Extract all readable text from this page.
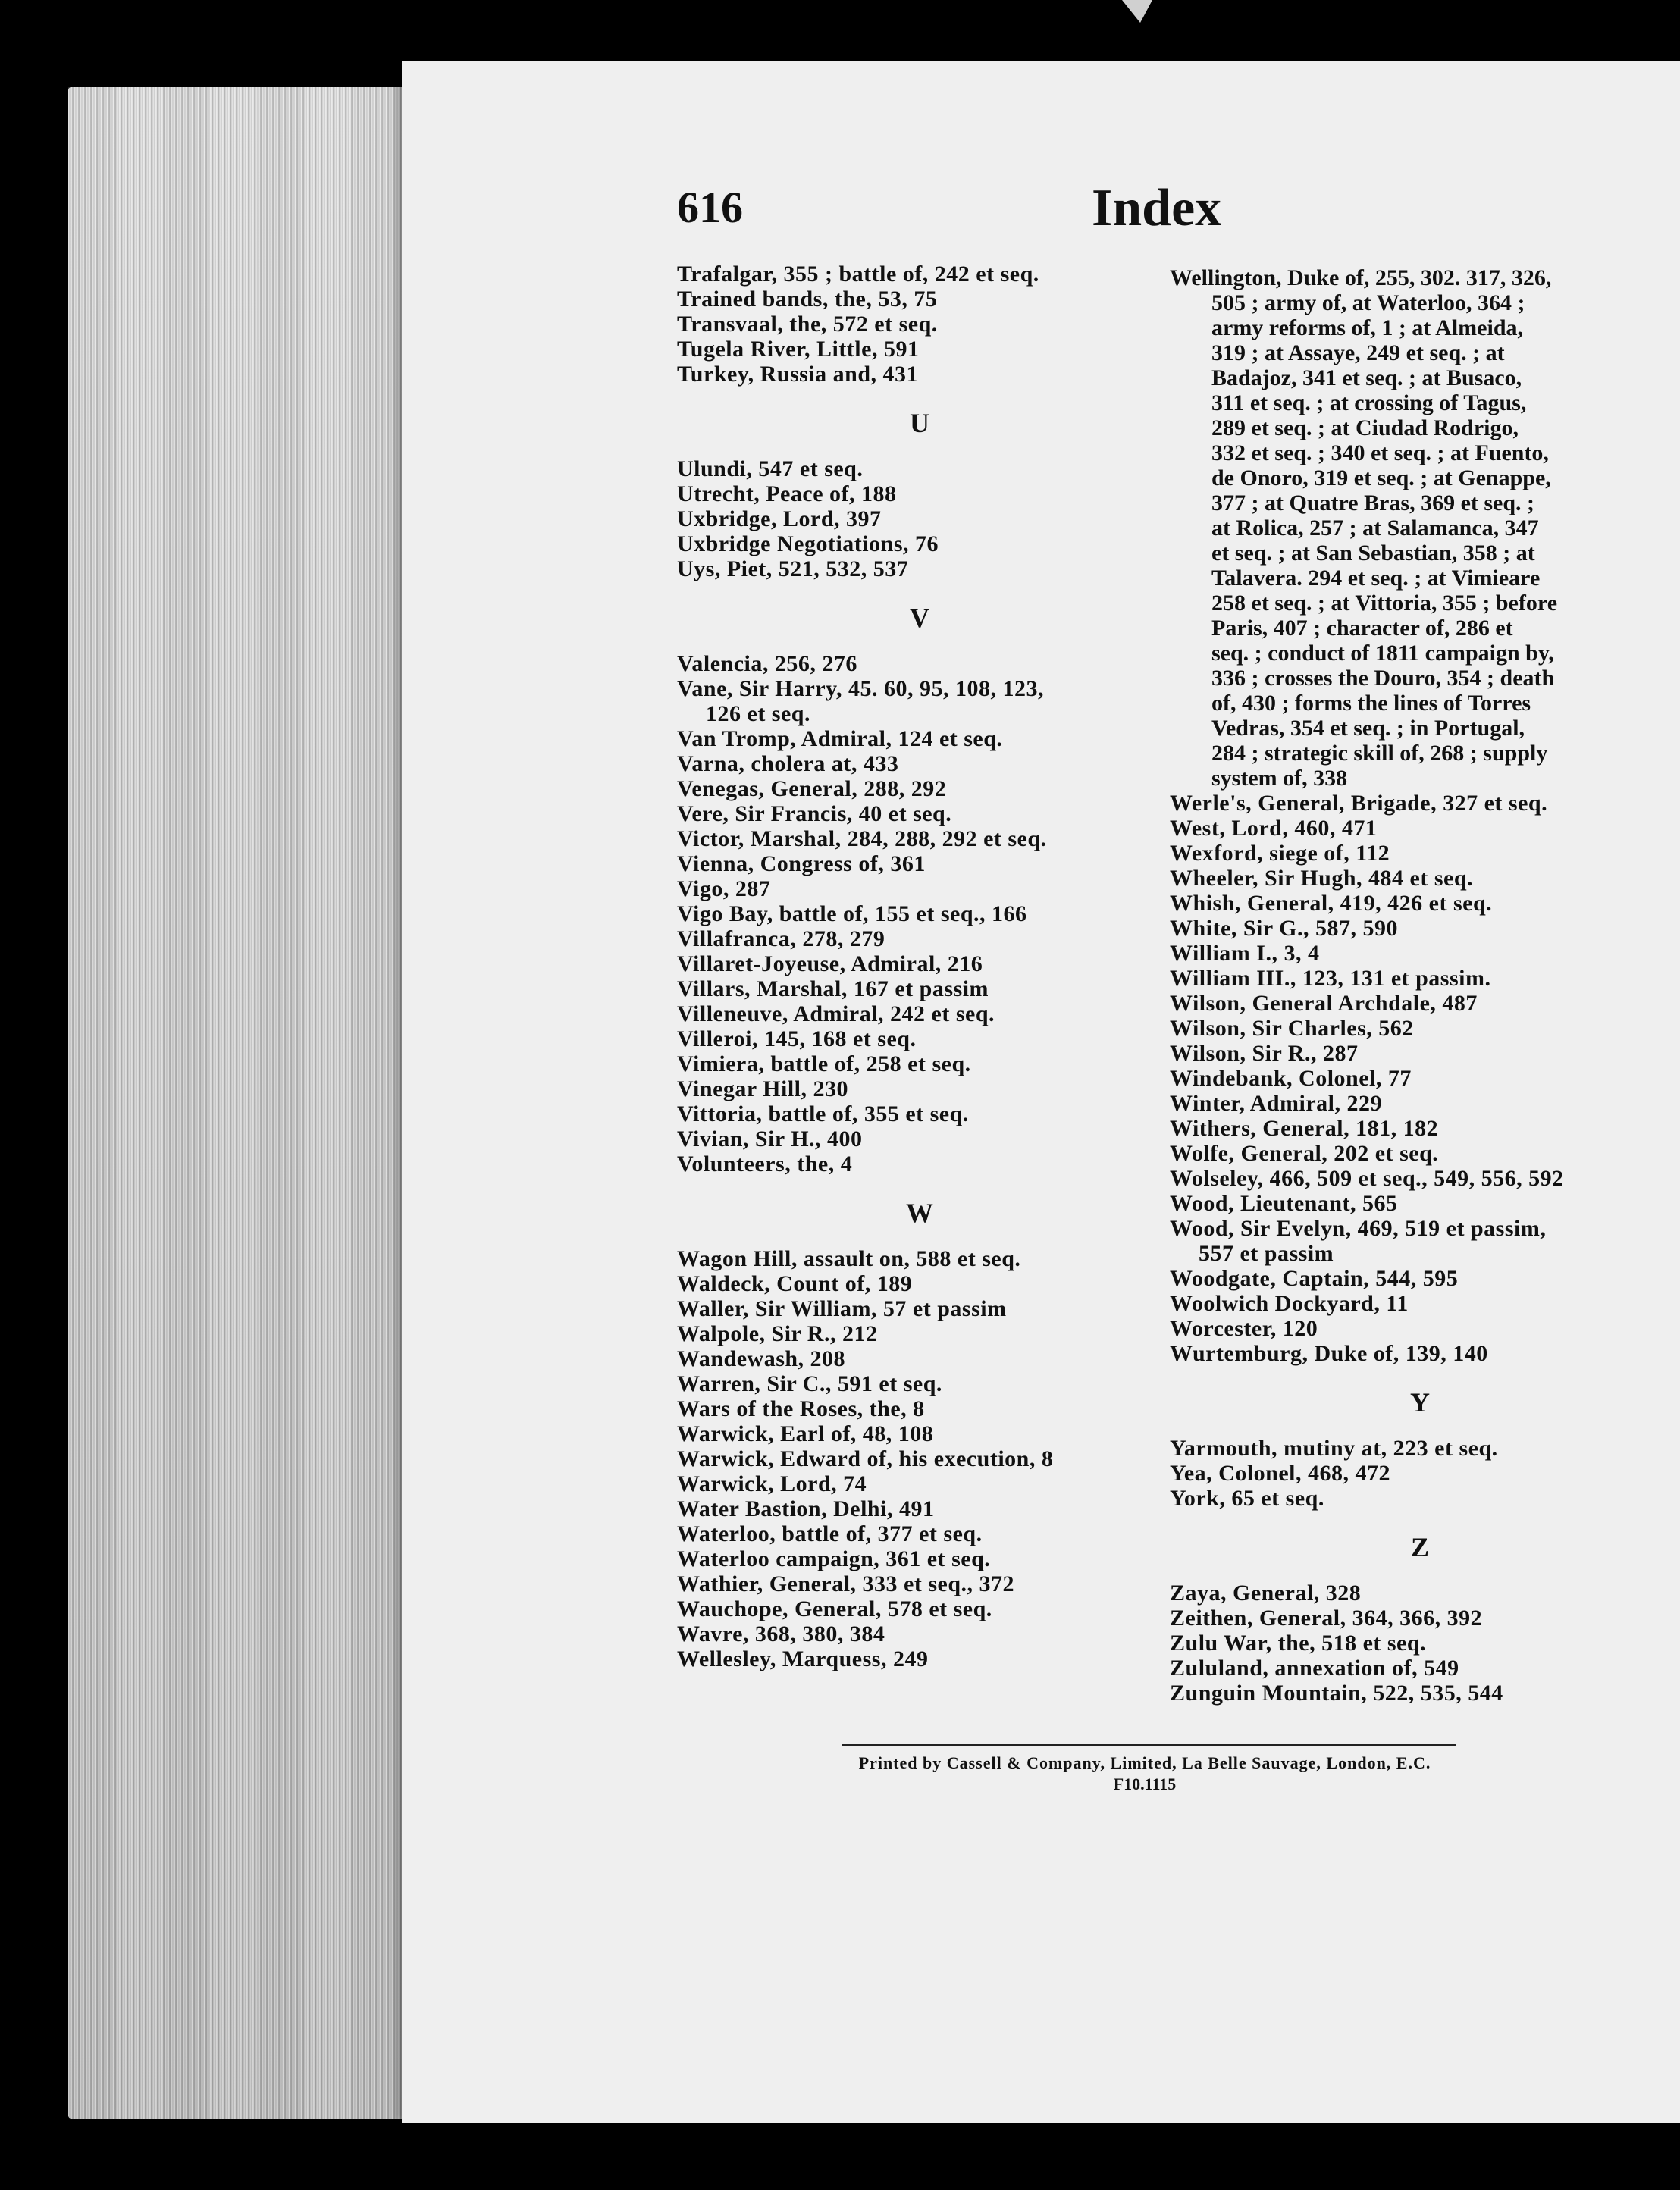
616	Index
Trafalgar, 355 ; battle of, 242 et seq.
Trained bands, the, 53, 75
Transvaal, the, 572 et seq.
Tugela River, Little, 591
Turkey, Russia and, 431
U
Ulundi, 547 et seq.
Utrecht, Peace of, 188
Uxbridge, Lord, 397
Uxbridge Negotiations, 76
Uys, Piet, 521, 532, 537
V
Valencia, 256, 276
Vane, Sir Harry, 45. 60, 95, 108, 123,
126 et seq.
Van Tromp, Admiral, 124 et seq.
Varna, cholera at, 433
Venegas, General, 288, 292
Vere, Sir Francis, 40 et seq.
Victor, Marshal, 284, 288, 292 et seq.
Vienna, Congress of, 361
Vigo, 287
Vigo Bay, battle of, 155 et seq., 166
Villafranca, 278, 279
Villaret-Joyeuse, Admiral, 216
Villars, Marshal, 167 et passim
Villeneuve, Admiral, 242 et seq.
Villeroi, 145, 168 et seq.
Vimiera, battle of, 258 et seq.
Vinegar Hill, 230
Vittoria, battle of, 355 et seq.
Vivian, Sir H., 400
Volunteers, the, 4
W
Wagon Hill, assault on, 588 et seq.
Waldeck, Count of, 189
Waller, Sir William, 57 et passim
Walpole, Sir R., 212
Wandewash, 208
Warren, Sir C., 591 et seq.
Wars of the Roses, the, 8
Warwick, Earl of, 48, 108
Warwick, Edward of, his execution, 8
Warwick, Lord, 74
Water Bastion, Delhi, 491
Waterloo, battle of, 377 et seq.
Waterloo campaign, 361 et seq.
Wathier, General, 333 et seq., 372
Wauchope, General, 578 et seq.
Wavre, 368, 380, 384
Wellesley, Marquess, 249
Wellington, Duke of, 255, 302. 317, 326,
505 ; army of, at Waterloo, 364 ;
army reforms of, 1 ; at Almeida,
319 ; at Assaye, 249 et seq. ; at
Badajoz, 341 et seq. ; at Busaco,
311 et seq. ; at crossing of Tagus,
289 et seq. ; at Ciudad Rodrigo,
332 et seq. ; 340 et seq. ; at Fuento,
de Onoro, 319 et seq. ; at Genappe,
377 ; at Quatre Bras, 369 et seq. ;
at Rolica, 257 ; at Salamanca, 347
et seq. ; at San Sebastian, 358 ; at
Talavera. 294 et seq. ; at Vimieare
258 et seq. ; at Vittoria, 355 ; before
Paris, 407 ; character of, 286 et
seq. ; conduct of 1811 campaign by,
336 ; crosses the Douro, 354 ; death
of, 430 ; forms the lines of Torres
Vedras, 354 et seq. ; in Portugal,
284 ; strategic skill of, 268 ; supply
system of, 338
Werle's, General, Brigade, 327 et seq.
West, Lord, 460, 471
Wexford, siege of, 112
Wheeler, Sir Hugh, 484 et seq.
Whish, General, 419, 426 et seq.
White, Sir G., 587, 590
William I., 3, 4
William III., 123, 131 et passim.
Wilson, General Archdale, 487
Wilson, Sir Charles, 562
Wilson, Sir R., 287
Windebank, Colonel, 77
Winter, Admiral, 229
Withers, General, 181, 182
Wolfe, General, 202 et seq.
Wolseley, 466, 509 et seq., 549, 556, 592
Wood, Lieutenant, 565
Wood, Sir Evelyn, 469, 519 et passim,
557 et passim
Woodgate, Captain, 544, 595
Woolwich Dockyard, 11
Worcester, 120
Wurtemburg, Duke of, 139, 140
Y
Yarmouth, mutiny at, 223 et seq.
Yea, Colonel, 468, 472
York, 65 et seq.
Z
Zaya, General, 328
Zeithen, General, 364, 366, 392
Zulu War, the, 518 et seq.
Zululand, annexation of, 549
Zunguin Mountain, 522, 535, 544
Printed by Cassell & Company, Limited, La Belle Sauvage, London, E.C.
F10.1115
